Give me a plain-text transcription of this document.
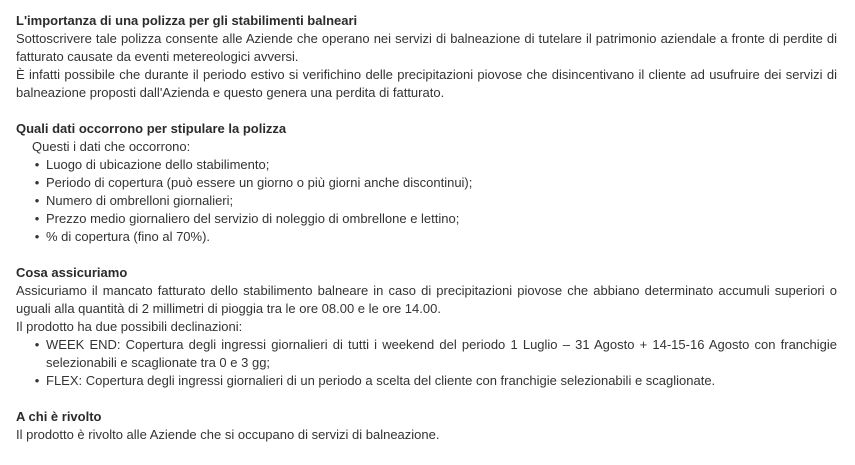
L'importanza di una polizza per gli stabilimenti balneari

Sottoscrivere tale polizza consente alle Aziende che operano nei servizi di balneazione di tutelare il patrimonio aziendale a fronte di perdite di fatturato causate da eventi metereologici avversi.

È infatti possibile che durante il periodo estivo si verifichino delle precipitazioni piovose che disincentivano il cliente ad usufruire dei servizi di balneazione proposti dall'Azienda e questo genera una perdita di fatturato.

Quali dati occorrono per stipulare la polizza

Questi i dati che occorrono:

• Luogo di ubicazione dello stabilimento;
• Periodo di copertura (può essere un giorno o più giorni anche discontinui);
• Numero di ombrelloni giornalieri;
• Prezzo medio giornaliero del servizio di noleggio di ombrellone e lettino;
• % di copertura (fino al 70%).
Cosa assicuriamo

Assicuriamo il mancato fatturato dello stabilimento balneare in caso di precipitazioni piovose che abbiano determinato accumuli superiori o uguali alla quantità di 2 millimetri di pioggia tra le ore 08.00 e le ore 14.00.

Il prodotto ha due possibili declinazioni:

• WEEK END: Copertura degli ingressi giornalieri di tutti i weekend del periodo 1 Luglio – 31 Agosto + 14-15-16 Agosto con franchigie selezionabili e scaglionate tra 0 e 3 gg;
• FLEX: Copertura degli ingressi giornalieri di un periodo a scelta del cliente con franchigie selezionabili e scaglionate.
A chi è rivolto

Il prodotto è rivolto alle Aziende che si occupano di servizi di balneazione.
